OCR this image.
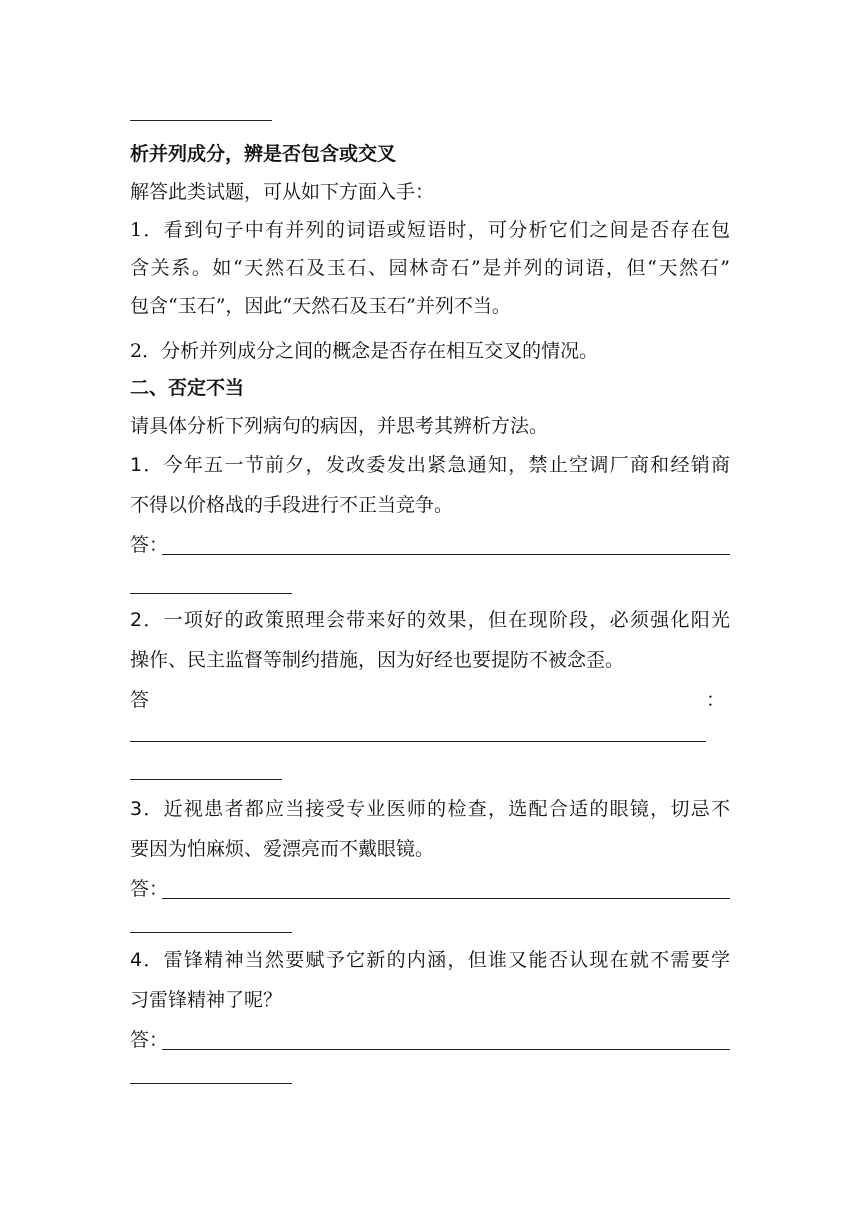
析并列成分，辨是否包含或交叉
解答此类试题，可从如下方面入手：
1．看到句子中有并列的词语或短语时，可分析它们之间是否存在包
含关系。如“天然石及玉石、园林奇石”是并列的词语，但“天然石”
包含“玉石”，因此“天然石及玉石”并列不当。
2．分析并列成分之间的概念是否存在相互交叉的情况。
二、否定不当
请具体分析下列病句的病因，并思考其辨析方法。
1．今年五一节前夕，发改委发出紧急通知，禁止空调厂商和经销商
不得以价格战的手段进行不正当竞争。
答：
2．一项好的政策照理会带来好的效果，但在现阶段，必须强化阳光
操作、民主监督等制约措施，因为好经也要提防不被念歪。
答	：
3．近视患者都应当接受专业医师的检查，选配合适的眼镜，切忌不
要因为怕麻烦、爱漂亮而不戴眼镜。
答：
4．雷锋精神当然要赋予它新的内涵，但谁又能否认现在就不需要学
习雷锋精神了呢？
答：
